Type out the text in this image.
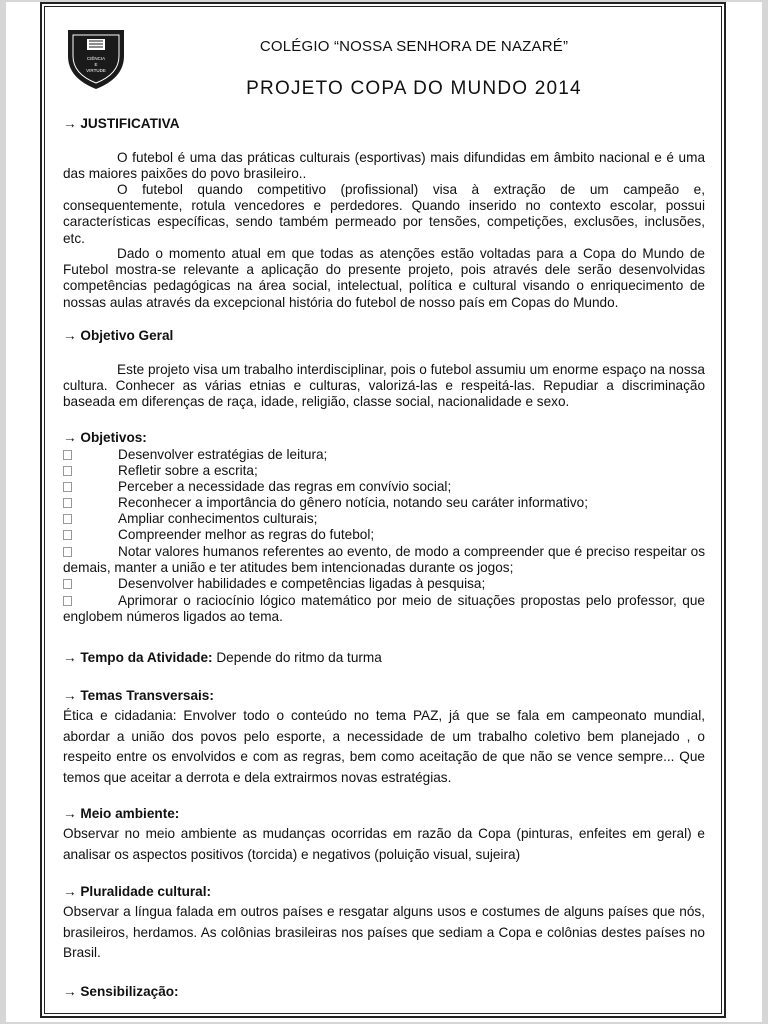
CIÊNCIA
E
VIRTUDE
COLÉGIO “NOSSA SENHORA DE NAZARÉ”
PROJETO COPA DO MUNDO 2014
→ JUSTIFICATIVA
O futebol é uma das práticas culturais (esportivas) mais difundidas em âmbito nacional e é uma das maiores paixões do povo brasileiro..
O futebol quando competitivo (profissional) visa à extração de um campeão e, consequentemente, rotula vencedores e perdedores. Quando inserido no contexto escolar, possui características específicas, sendo também permeado por tensões, competições, exclusões, inclusões, etc.
Dado o momento atual em que todas as atenções estão voltadas para a Copa do Mundo de Futebol mostra-se relevante a aplicação do presente projeto, pois através dele serão desenvolvidas competências pedagógicas na área social, intelectual, política e cultural visando o enriquecimento de nossas aulas através da excepcional história do futebol de nosso país em Copas do Mundo.
→ Objetivo Geral
Este projeto visa um trabalho interdisciplinar, pois o futebol assumiu um enorme espaço na nossa cultura. Conhecer as várias etnias e culturas, valorizá-las e respeitá-las. Repudiar a discriminação baseada em diferenças de raça, idade, religião, classe social, nacionalidade e sexo.
→ Objetivos:
Desenvolver estratégias de leitura;
Refletir sobre a escrita;
Perceber a necessidade das regras em convívio social;
Reconhecer a importância do gênero notícia, notando seu caráter informativo;
Ampliar conhecimentos culturais;
Compreender melhor as regras do futebol;
Notar valores humanos referentes ao evento, de modo a compreender que é preciso respeitar os demais, manter a união e ter atitudes bem intencionadas durante os jogos;
Desenvolver habilidades e competências ligadas à pesquisa;
Aprimorar o raciocínio lógico matemático por meio de situações propostas pelo professor, que englobem números ligados ao tema.
→ Tempo da Atividade: Depende do ritmo da turma
→ Temas Transversais:
Ética e cidadania: Envolver todo o conteúdo no tema PAZ, já que se fala em campeonato mundial, abordar a união dos povos pelo esporte, a necessidade de um trabalho coletivo bem planejado , o respeito entre os envolvidos e com as regras, bem como aceitação de que não se vence sempre... Que temos que aceitar a derrota e dela extrairmos novas estratégias.
→ Meio ambiente:
Observar no meio ambiente as mudanças ocorridas em razão da Copa (pinturas, enfeites em geral) e analisar os aspectos positivos (torcida) e negativos (poluição visual, sujeira)
→ Pluralidade cultural:
Observar a língua falada em outros países e resgatar alguns usos e costumes de alguns países que nós, brasileiros, herdamos. As colônias brasileiras nos países que sediam a Copa e colônias destes países no Brasil.
→ Sensibilização:
